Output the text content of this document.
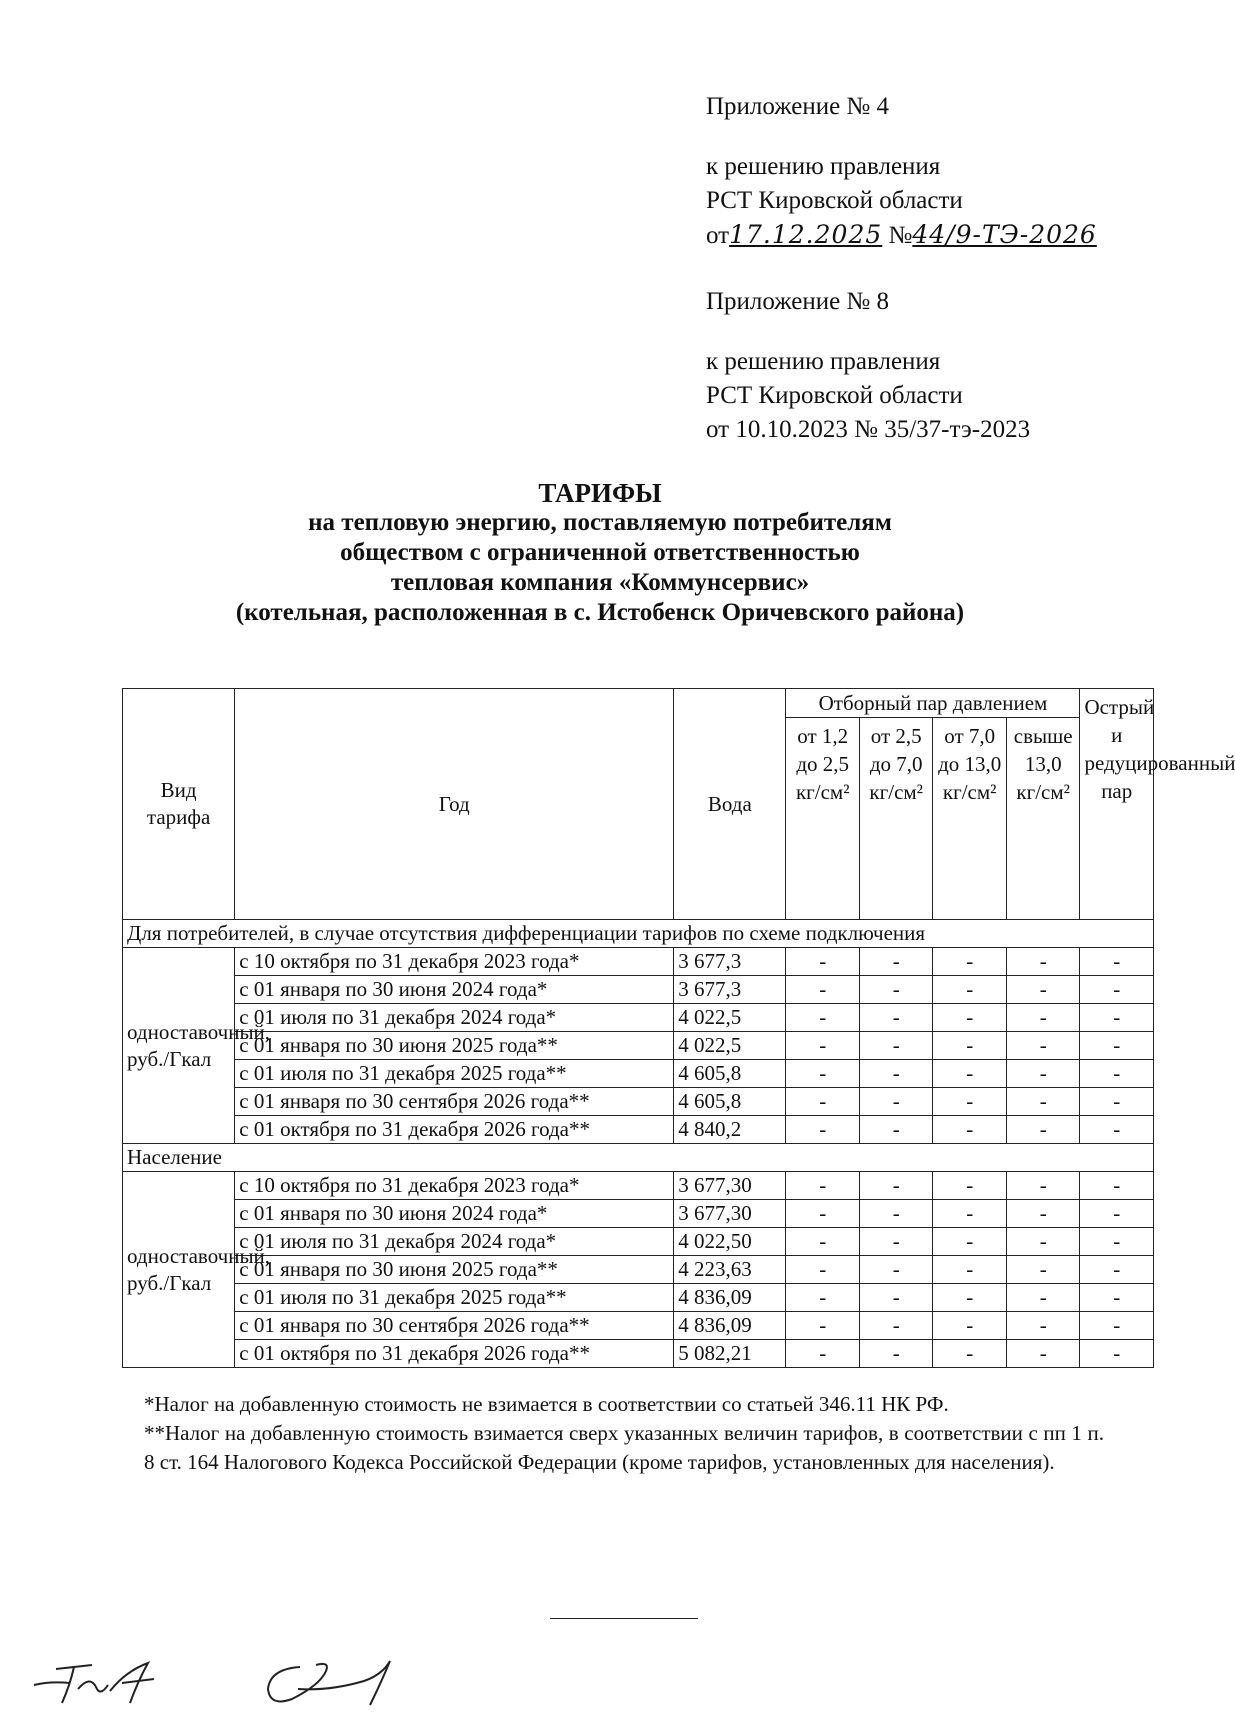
Приложение № 4
к решению правления
РСТ Кировской области
от17.12.2025 №44/9-ТЭ-2026
Приложение № 8
к решению правления
РСТ Кировской области
от 10.10.2023 № 35/37-тэ-2023
ТАРИФЫ
на тепловую энергию, поставляемую потребителям
обществом с ограниченной ответственностью
тепловая компания «Коммунсервис»
(котельная, расположенная в с. Истобенск Оричевского района)
Вид тарифа	Год	Вода	Отборный пар давлением				Острый и редуцированный пар
			от 1,2 до 2,5 кг/см²	от 2,5 до 7,0 кг/см²	от 7,0 до 13,0 кг/см²	свыше 13,0 кг/см²	
Для потребителей, в случае отсутствия дифференциации тарифов по схеме подключения							
одноставочный, руб./Гкал	с 10 октября по 31 декабря 2023 года*	3 677,3	-	-	-	-	-
	с 01 января по 30 июня 2024 года*	3 677,3	-	-	-	-	-
	с 01 июля по 31 декабря 2024 года*	4 022,5	-	-	-	-	-
	с 01 января по 30 июня 2025 года**	4 022,5	-	-	-	-	-
	с 01 июля по 31 декабря 2025 года**	4 605,8	-	-	-	-	-
	с 01 января по 30 сентября 2026 года**	4 605,8	-	-	-	-	-
	с 01 октября по 31 декабря 2026 года**	4 840,2	-	-	-	-	-
Население							
одноставочный, руб./Гкал	с 10 октября по 31 декабря 2023 года*	3 677,30	-	-	-	-	-
	с 01 января по 30 июня 2024 года*	3 677,30	-	-	-	-	-
	с 01 июля по 31 декабря 2024 года*	4 022,50	-	-	-	-	-
	с 01 января по 30 июня 2025 года**	4 223,63	-	-	-	-	-
	с 01 июля по 31 декабря 2025 года**	4 836,09	-	-	-	-	-
	с 01 января по 30 сентября 2026 года**	4 836,09	-	-	-	-	-
	с 01 октября по 31 декабря 2026 года**	5 082,21	-	-	-	-	-
*Налог на добавленную стоимость не взимается в соответствии со статьей 346.11 НК РФ.
**Налог на добавленную стоимость взимается сверх указанных величин тарифов, в соответствии с пп 1 п. 8 ст. 164 Налогового Кодекса Российской Федерации (кроме тарифов, установленных для населения).
